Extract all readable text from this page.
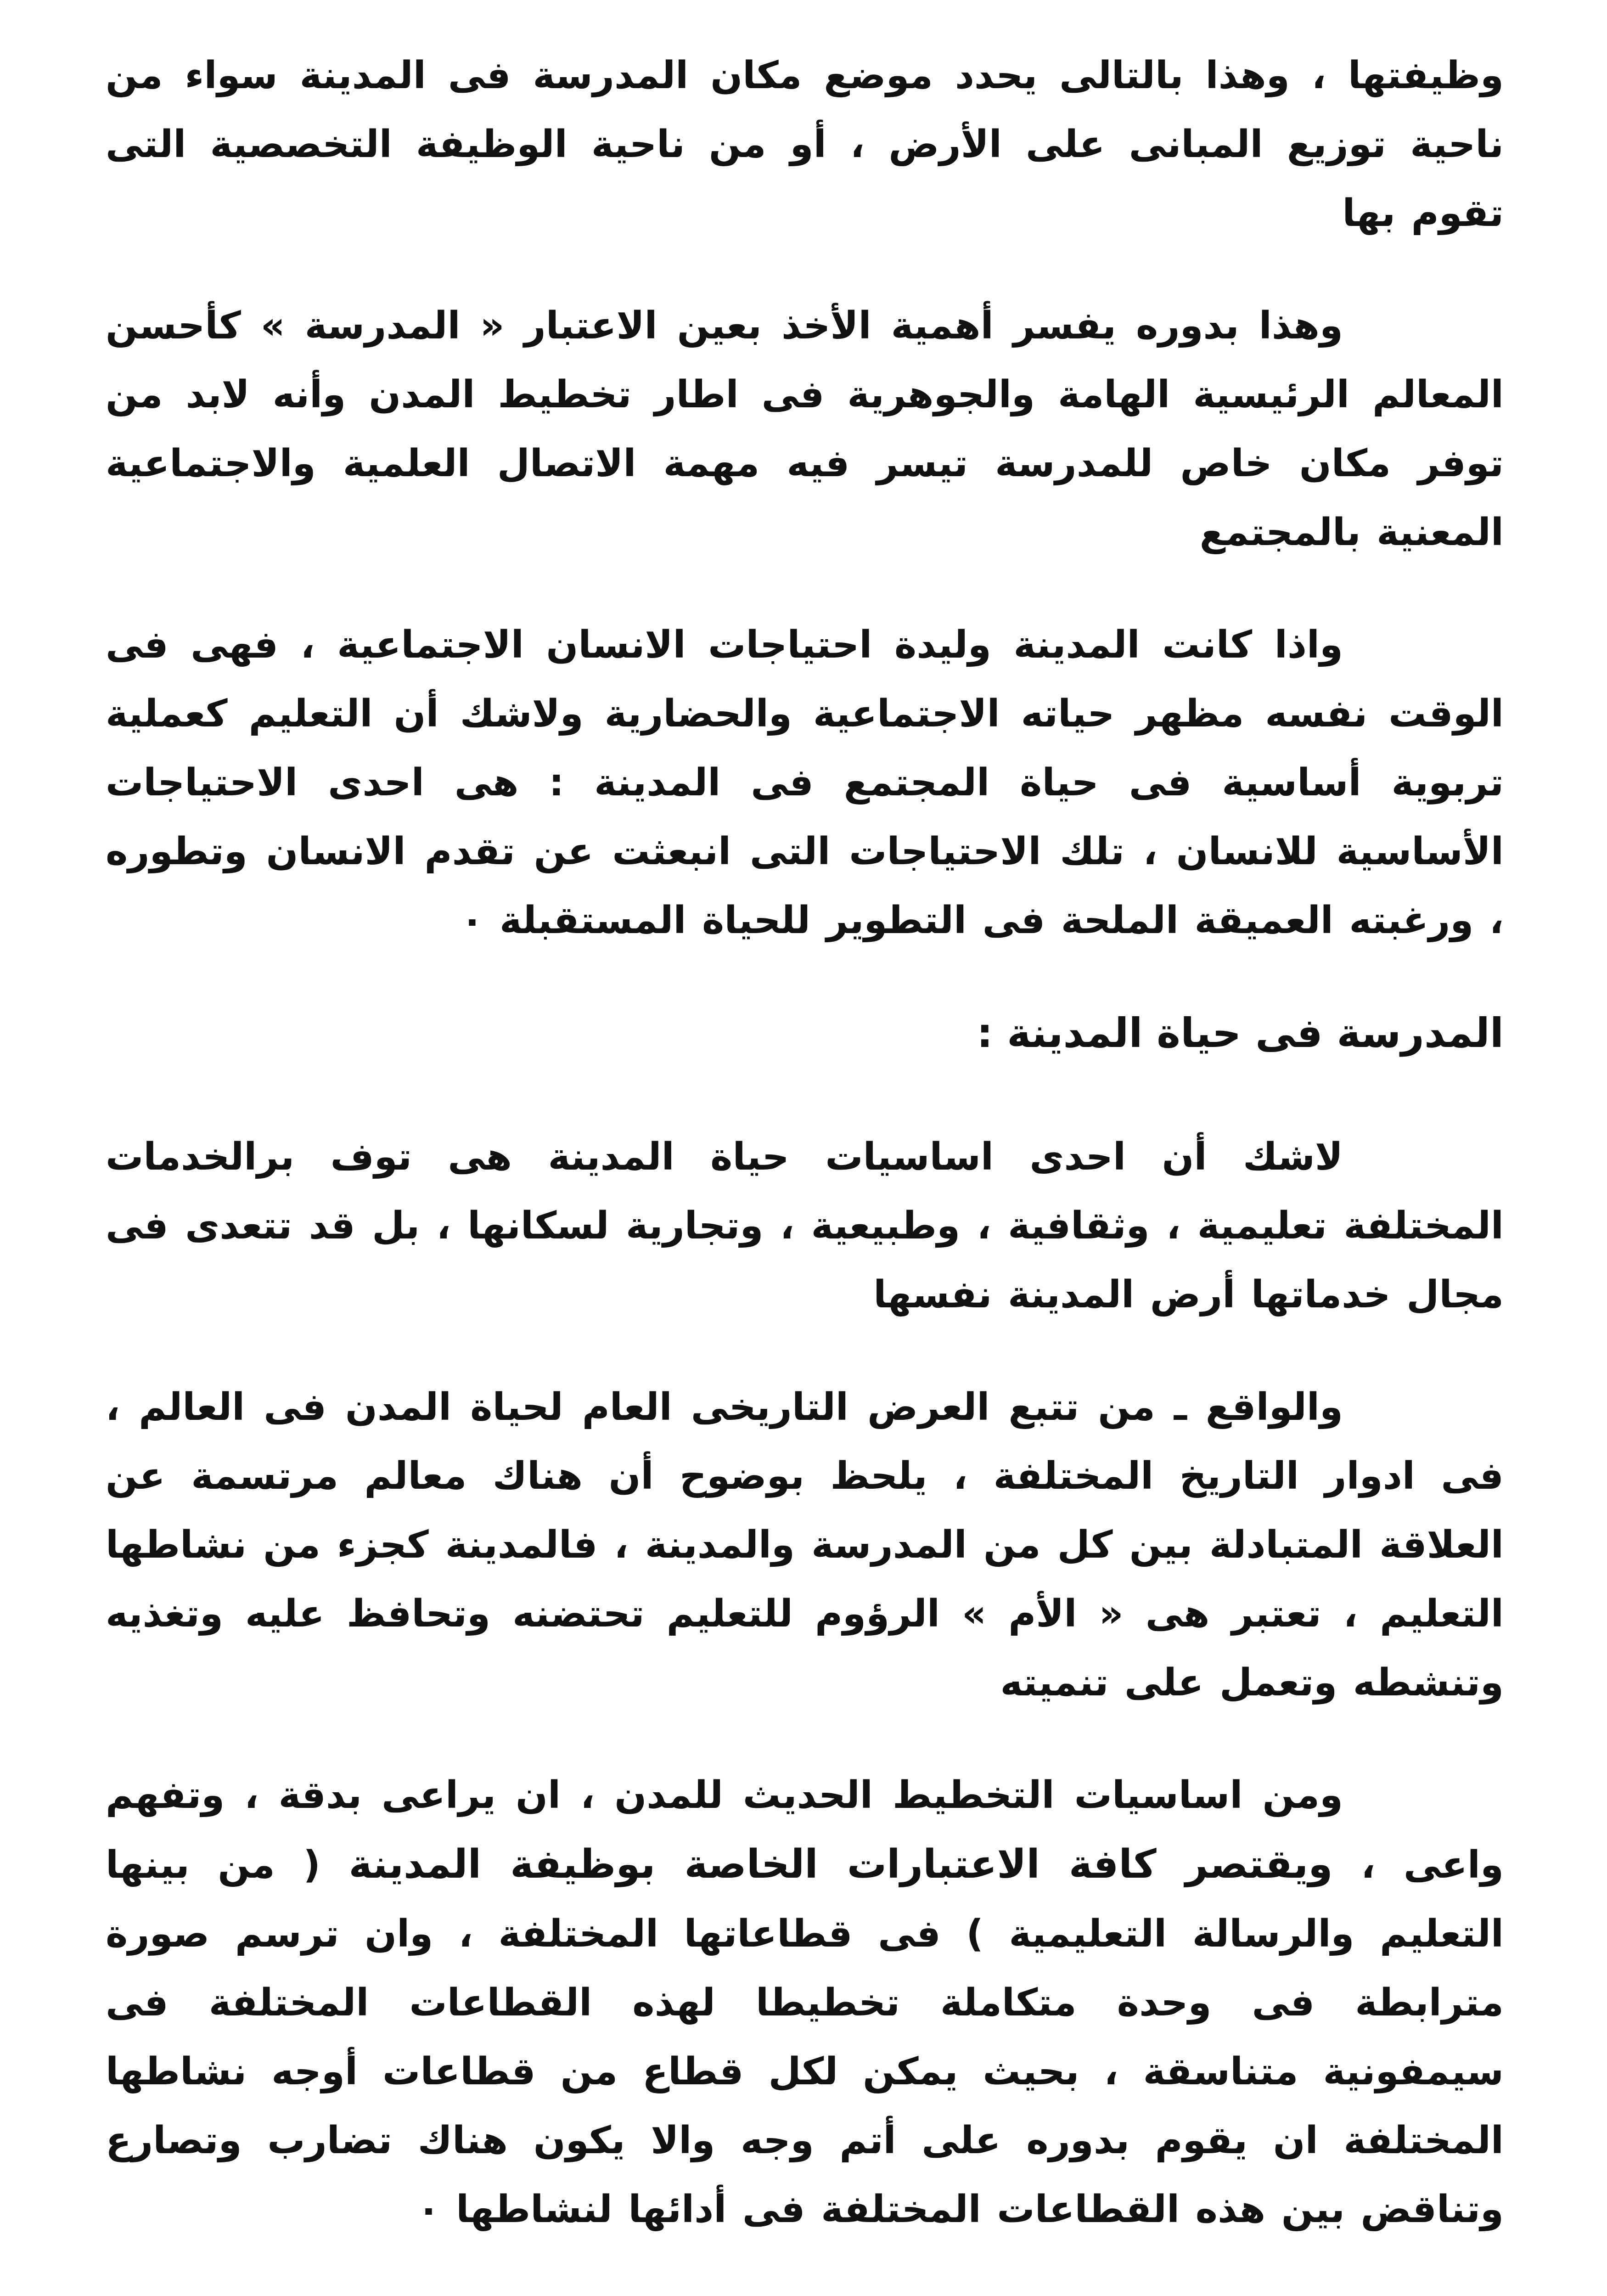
وظيفتها ، وهذا بالتالى يحدد موضع مكان المدرسة فى المدينة سواء من ناحية توزيع المبانى على الأرض ، أو من ناحية الوظيفة التخصصية التى تقوم بها

وهذا بدوره يفسر أهمية الأخذ بعين الاعتبار « المدرسة » كأحسن المعالم الرئيسية الهامة والجوهرية فى اطار تخطيط المدن وأنه لابد من توفر مكان خاص للمدرسة تيسر فيه مهمة الاتصال العلمية والاجتماعية المعنية بالمجتمع

واذا كانت المدينة وليدة احتياجات الانسان الاجتماعية ، فهى فى الوقت نفسه مظهر حياته الاجتماعية والحضارية ولاشك أن التعليم كعملية تربوية أساسية فى حياة المجتمع فى المدينة : هى احدى الاحتياجات الأساسية للانسان ، تلك الاحتياجات التى انبعثت عن تقدم الانسان وتطوره ، ورغبته العميقة الملحة فى التطوير للحياة المستقبلة ٠

المدرسة فى حياة المدينة :

لاشك أن احدى اساسيات حياة المدينة هى توف برالخدمات المختلفة تعليمية ، وثقافية ، وطبيعية ، وتجارية لسكانها ، بل قد تتعدى فى مجال خدماتها أرض المدينة نفسها

والواقع ـ من تتبع العرض التاريخى العام لحياة المدن فى العالم ، فى ادوار التاريخ المختلفة ، يلحظ بوضوح أن هناك معالم مرتسمة عن العلاقة المتبادلة بين كل من المدرسة والمدينة ، فالمدينة كجزء من نشاطها التعليم ، تعتبر هى « الأم » الرؤوم للتعليم تحتضنه وتحافظ عليه وتغذيه وتنشطه وتعمل على تنميته

ومن اساسيات التخطيط الحديث للمدن ، ان يراعى بدقة ، وتفهم واعى ، ويقتصر كافة الاعتبارات الخاصة بوظيفة المدينة ( من بينها التعليم والرسالة التعليمية ) فى قطاعاتها المختلفة ، وان ترسم صورة مترابطة فى وحدة متكاملة تخطيطا لهذه القطاعات المختلفة فى سيمفونية متناسقة ، بحيث يمكن لكل قطاع من قطاعات أوجه نشاطها المختلفة ان يقوم بدوره على أتم وجه والا يكون هناك تضارب وتصارع وتناقض بين هذه القطاعات المختلفة فى أدائها لنشاطها ٠
